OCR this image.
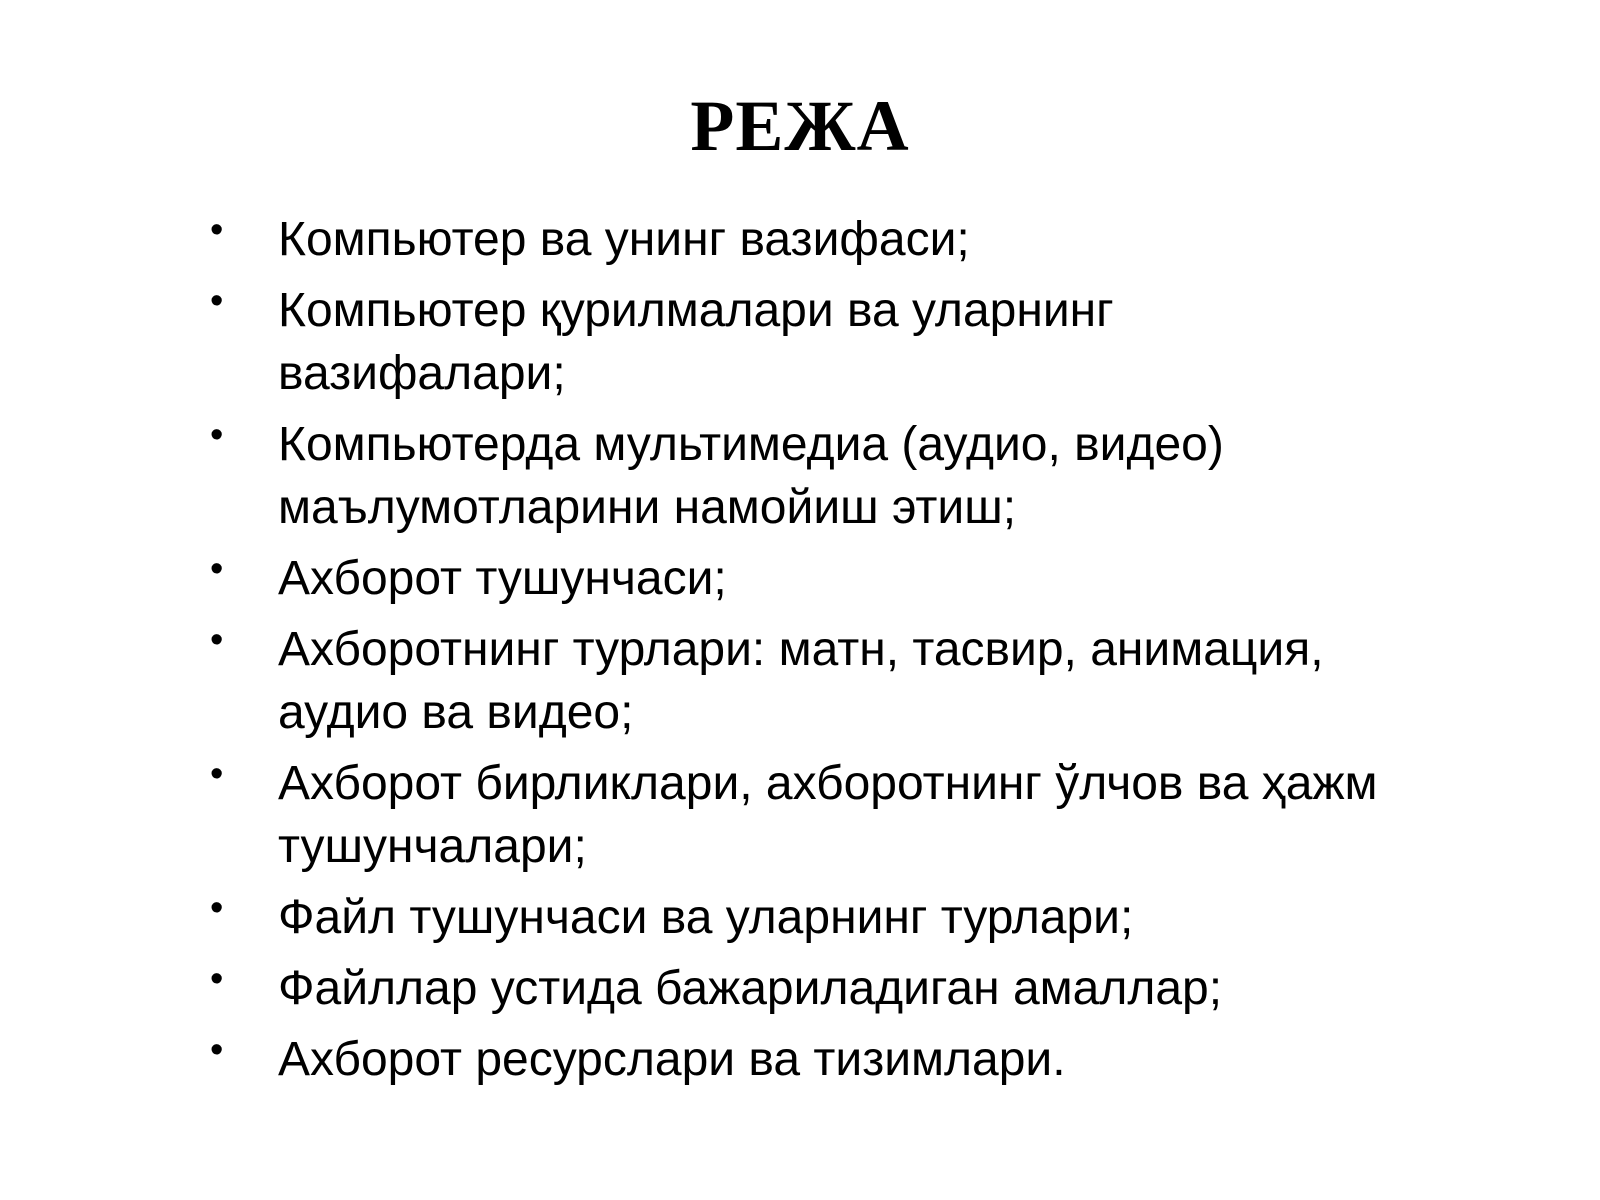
РЕЖА
•	Компьютер ва унинг вазифаси;
•	Компьютер қурилмалари ва уларнинг вазифалари;
•	Компьютерда мультимедиа (аудио, видео) маълумотларини намойиш этиш;
•	Ахборот тушунчаси;
•	Ахборотнинг турлари: матн, тасвир, анимация, аудио ва видео;
•	Ахборот бирликлари, ахборотнинг ўлчов ва ҳажм тушунчалари;
•	Файл тушунчаси ва уларнинг турлари;
•	Файллар устида бажариладиган амаллар;
•	Ахборот ресурслари ва тизимлари.
